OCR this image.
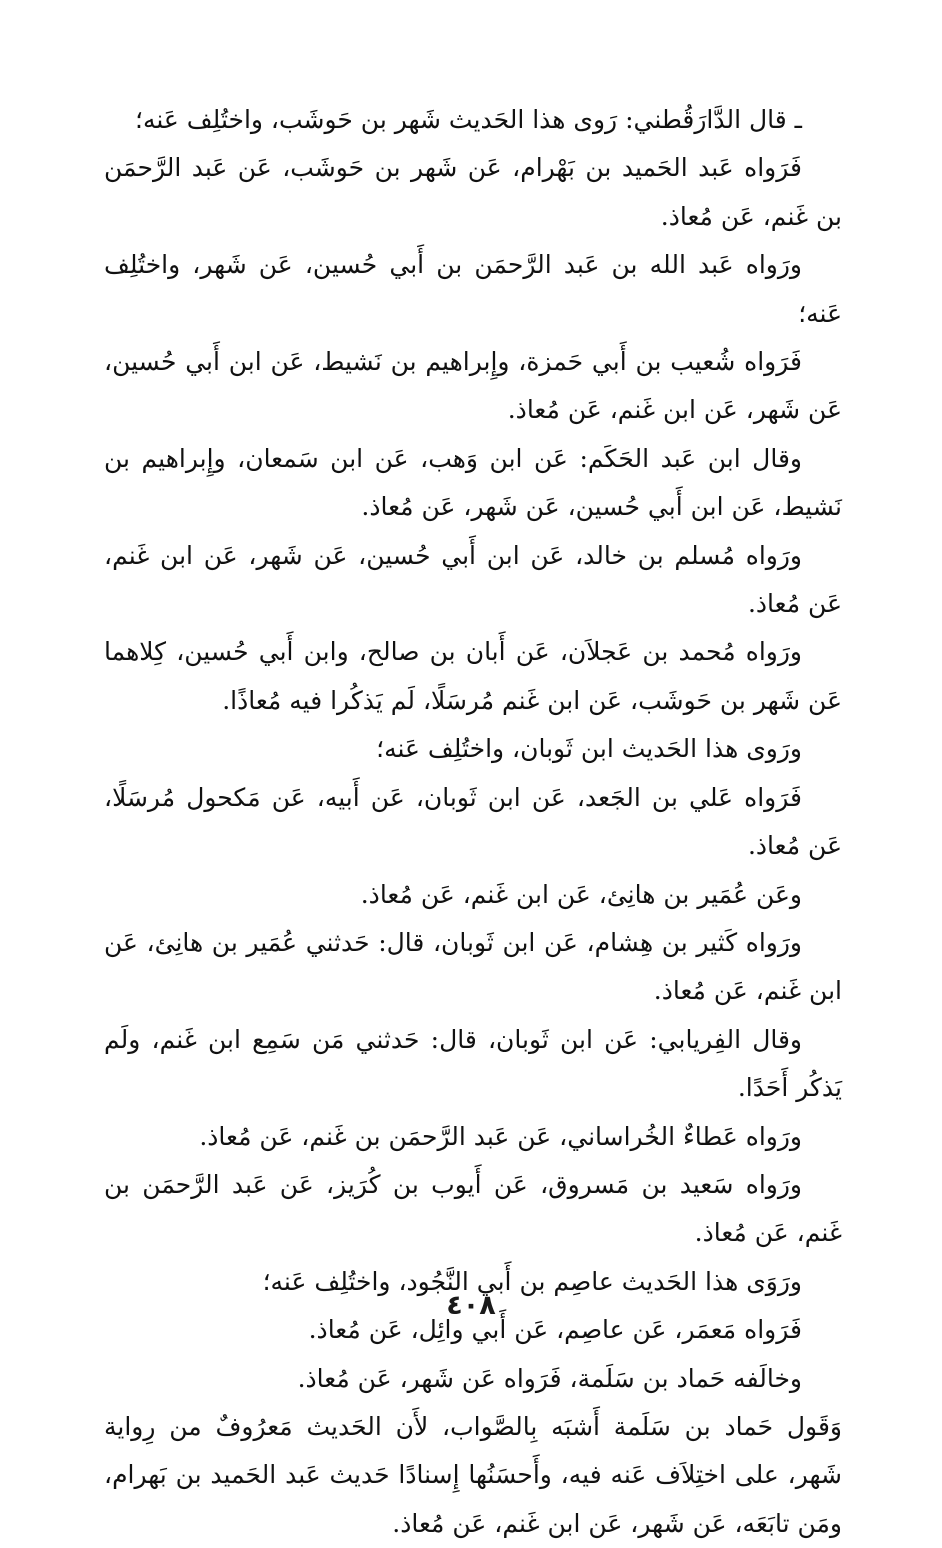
ـ قال الدَّارَقُطني: رَوى هذا الحَديث شَهر بن حَوشَب، واختُلِف عَنه؛

فَرَواه عَبد الحَميد بن بَهْرام، عَن شَهر بن حَوشَب، عَن عَبد الرَّحمَن بن غَنم، عَن مُعاذ.

ورَواه عَبد الله بن عَبد الرَّحمَن بن أَبي حُسين، عَن شَهر، واختُلِف عَنه؛

فَرَواه شُعيب بن أَبي حَمزة، وإِبراهيم بن نَشيط، عَن ابن أَبي حُسين، عَن شَهر، عَن ابن غَنم، عَن مُعاذ.

وقال ابن عَبد الحَكَم: عَن ابن وَهب، عَن ابن سَمعان، وإِبراهيم بن نَشيط، عَن ابن أَبي حُسين، عَن شَهر، عَن مُعاذ.

ورَواه مُسلم بن خالد، عَن ابن أَبي حُسين، عَن شَهر، عَن ابن غَنم، عَن مُعاذ.

ورَواه مُحمد بن عَجلاَن، عَن أَبان بن صالح، وابن أَبي حُسين، كِلاهما عَن شَهر بن حَوشَب، عَن ابن غَنم مُرسَلًا، لَم يَذكُرا فيه مُعاذًا.

ورَوى هذا الحَديث ابن ثَوبان، واختُلِف عَنه؛

فَرَواه عَلي بن الجَعد، عَن ابن ثَوبان، عَن أَبيه، عَن مَكحول مُرسَلًا، عَن مُعاذ.

وعَن عُمَير بن هانِئ، عَن ابن غَنم، عَن مُعاذ.

ورَواه كَثير بن هِشام، عَن ابن ثَوبان، قال: حَدثني عُمَير بن هانِئ، عَن ابن غَنم، عَن مُعاذ.

وقال الفِريابي: عَن ابن ثَوبان، قال: حَدثني مَن سَمِع ابن غَنم، ولَم يَذكُر أَحَدًا.

ورَواه عَطاءٌ الخُراساني، عَن عَبد الرَّحمَن بن غَنم، عَن مُعاذ.

ورَواه سَعيد بن مَسروق، عَن أَيوب بن كُرَيز، عَن عَبد الرَّحمَن بن غَنم، عَن مُعاذ.

ورَوَى هذا الحَديث عاصِم بن أَبي النَّجُود، واختُلِف عَنه؛

فَرَواه مَعمَر، عَن عاصِم، عَن أَبي وائِل، عَن مُعاذ.

وخالَفه حَماد بن سَلَمة، فَرَواه عَن شَهر، عَن مُعاذ.

وَقَول حَماد بن سَلَمة أَشبَه بِالصَّواب، لأَن الحَديث مَعرُوفٌ من رِواية شَهر، على اختِلاَف عَنه فيه، وأَحسَنُها إِسنادًا حَديث عَبد الحَميد بن بَهرام، ومَن تابَعَه، عَن شَهر، عَن ابن غَنم، عَن مُعاذ.

٤٠٨
